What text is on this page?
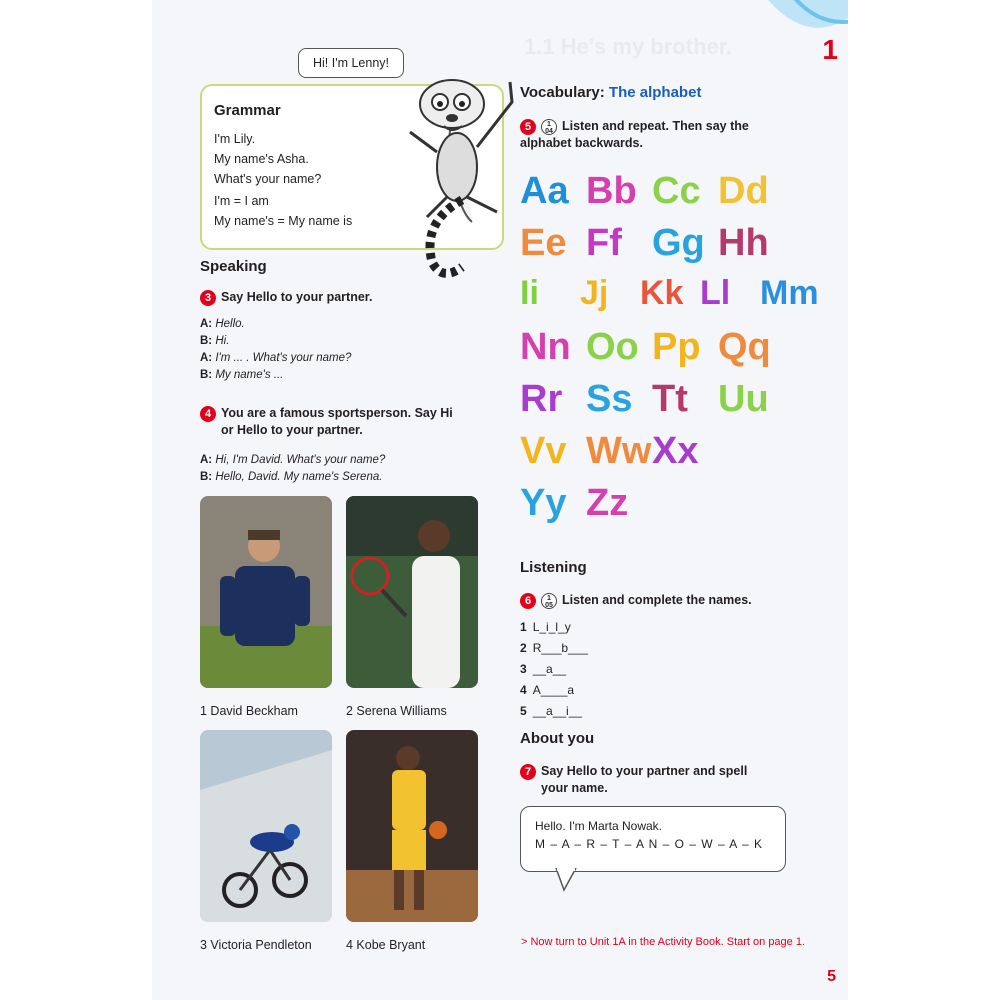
1.1 He's my brother.	1
Grammar
I'm Lily.
My name's Asha.
What's your name?
I'm = I am
My name's = My name is
Hi! I'm Lenny!
Speaking
3 Say Hello to your partner.
A: Hello.
B: Hi.
A: I'm ... . What's your name?
B: My name's ...
4 You are a famous sportsperson. Say Hi
or Hello to your partner.
A: Hi, I'm David. What's your name?
B: Hello, David. My name's Serena.
1 David Beckham	2 Serena Williams
3 Victoria Pendleton	4 Kobe Bryant
Vocabulary: The alphabet
5 1
04 Listen and repeat. Then say the
alphabet backwards.
Aa Bb Cc Dd
Ee Ff Gg Hh
Ii Jj Kk Ll Mm
Nn Oo Pp Qq
Rr Ss Tt Uu
Vv Ww Xx
Yy Zz
Listening
6 1
05 Listen and complete the names.
1 L_i_l_y
2 R___b___
3 __a__
4 A____a
5 __a__i__
About you
7 Say Hello to your partner and spell
your name.
Hello. I'm Marta Nowak.
M – A – R – T – A N – O – W – A – K
> Now turn to Unit 1A in the Activity Book. Start on page 1.
5
